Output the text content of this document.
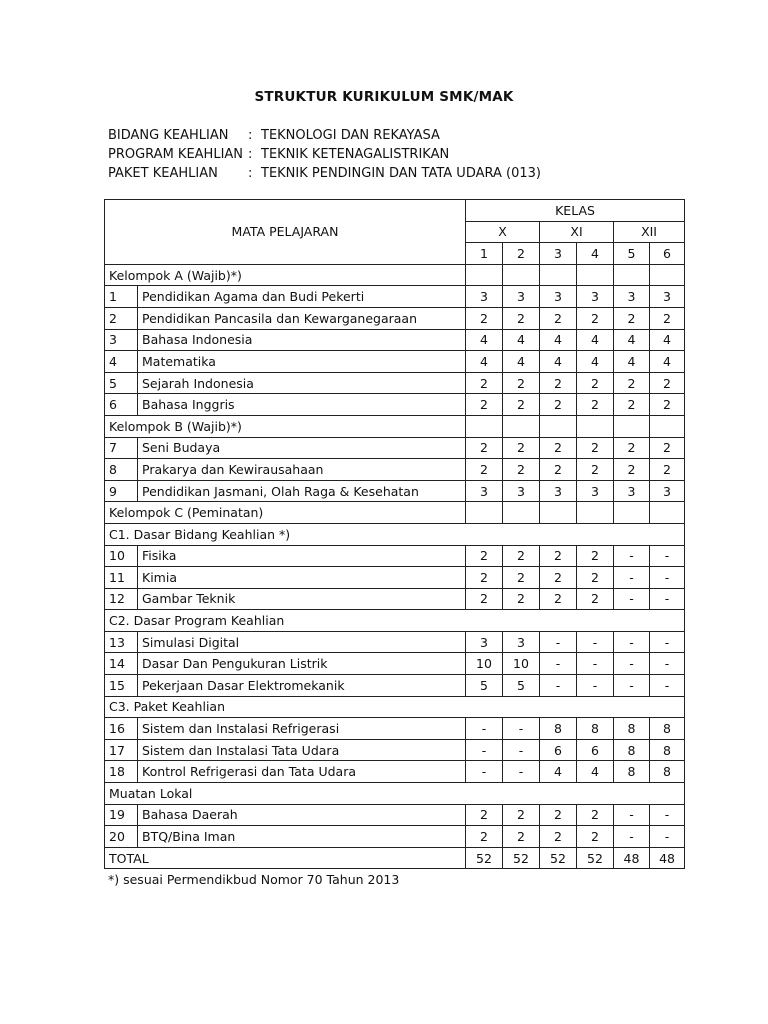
STRUKTUR KURIKULUM SMK/MAK
BIDANG KEAHLIAN	: TEKNOLOGI DAN REKAYASA
PROGRAM KEAHLIAN : TEKNIK KETENAGALISTRIKAN
PAKET KEAHLIAN	: TEKNIK PENDINGIN DAN TATA UDARA (013)
MATA PELAJARAN		KELAS					
		X		XI		XII	
		1	2	3	4	5	6
Kelompok A (Wajib)*)							
1	Pendidikan Agama dan Budi Pekerti	3	3	3	3	3	3
2	Pendidikan Pancasila dan Kewarganegaraan	2	2	2	2	2	2
3	Bahasa Indonesia	4	4	4	4	4	4
4	Matematika	4	4	4	4	4	4
5	Sejarah Indonesia	2	2	2	2	2	2
6	Bahasa Inggris	2	2	2	2	2	2
Kelompok B (Wajib)*)							
7	Seni Budaya	2	2	2	2	2	2
8	Prakarya dan Kewirausahaan	2	2	2	2	2	2
9	Pendidikan Jasmani, Olah Raga & Kesehatan	3	3	3	3	3	3
Kelompok C (Peminatan)							
C1. Dasar Bidang Keahlian *)							
10	Fisika	2	2	2	2	-	-
11	Kimia	2	2	2	2	-	-
12	Gambar Teknik	2	2	2	2	-	-
C2. Dasar Program Keahlian							
13	Simulasi Digital	3	3	-	-	-	-
14	Dasar Dan Pengukuran Listrik	10	10	-	-	-	-
15	Pekerjaan Dasar Elektromekanik	5	5	-	-	-	-
C3. Paket Keahlian							
16	Sistem dan Instalasi Refrigerasi	-	-	8	8	8	8
17	Sistem dan Instalasi Tata Udara	-	-	6	6	8	8
18	Kontrol Refrigerasi dan Tata Udara	-	-	4	4	8	8
Muatan Lokal							
19	Bahasa Daerah	2	2	2	2	-	-
20	BTQ/Bina Iman	2	2	2	2	-	-
TOTAL		52	52	52	52	48	48
*) sesuai Permendikbud Nomor 70 Tahun 2013
